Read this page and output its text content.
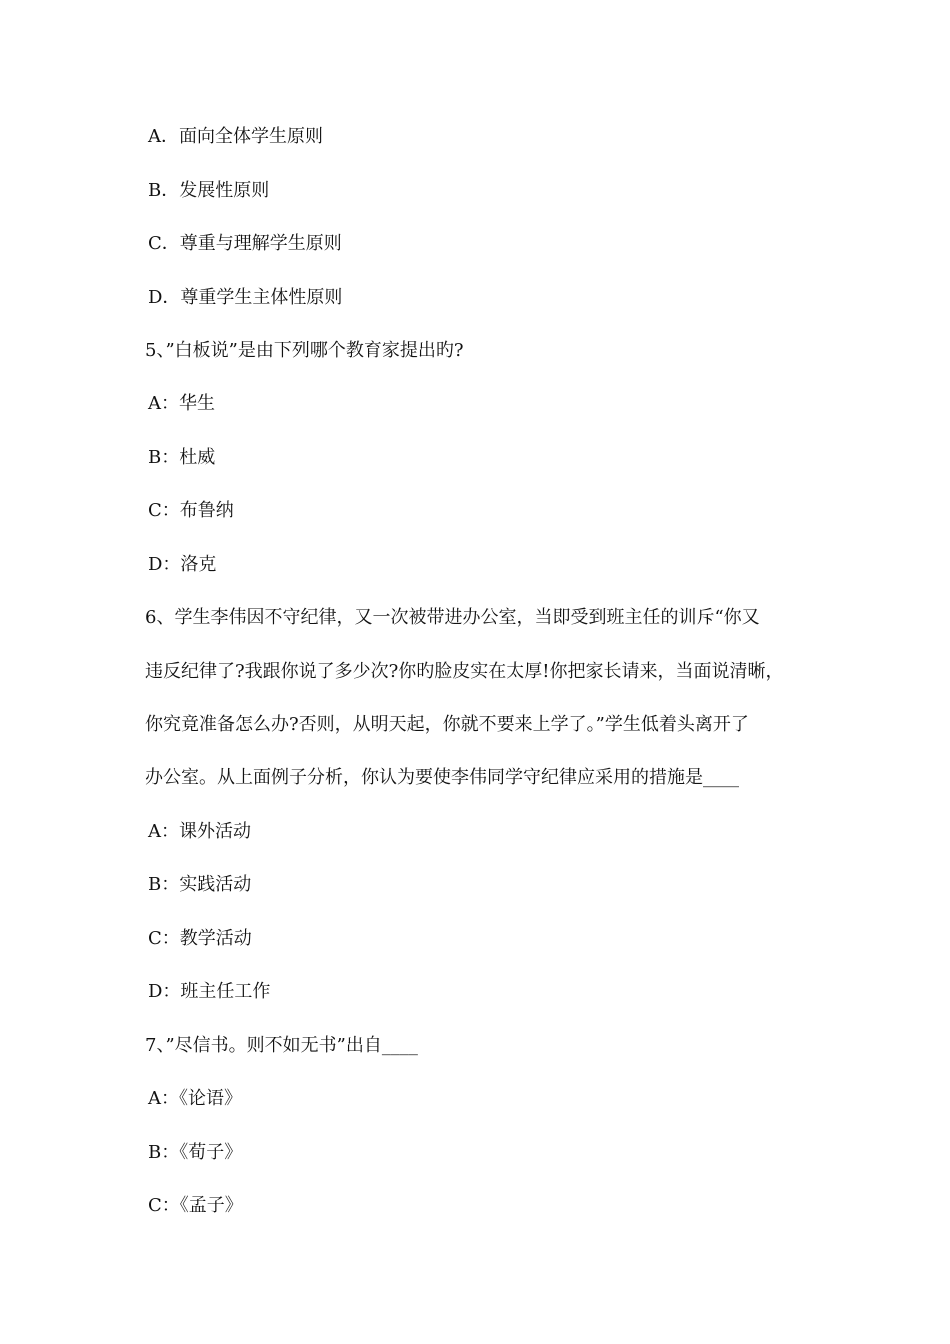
A．面向全体学生原则
B．发展性原则
C．尊重与理解学生原则
D．尊重学生主体性原则
5、”白板说”是由下列哪个教育家提出旳?
A：华生
B：杜威
C：布鲁纳
D：洛克
6、学生李伟因不守纪律，又一次被带进办公室，当即受到班主任的训斥“你又
违反纪律了?我跟你说了多少次?你旳脸皮实在太厚!你把家长请来，当面说清晰，
你究竟准备怎么办?否则，从明天起，你就不要来上学了。”学生低着头离开了
办公室。从上面例子分析，你认为要使李伟同学守纪律应采用的措施是____
A：课外活动
B：实践活动
C：教学活动
D：班主任工作
7、”尽信书。则不如无书”出自____
A：《论语》
B：《荀子》
C：《孟子》
